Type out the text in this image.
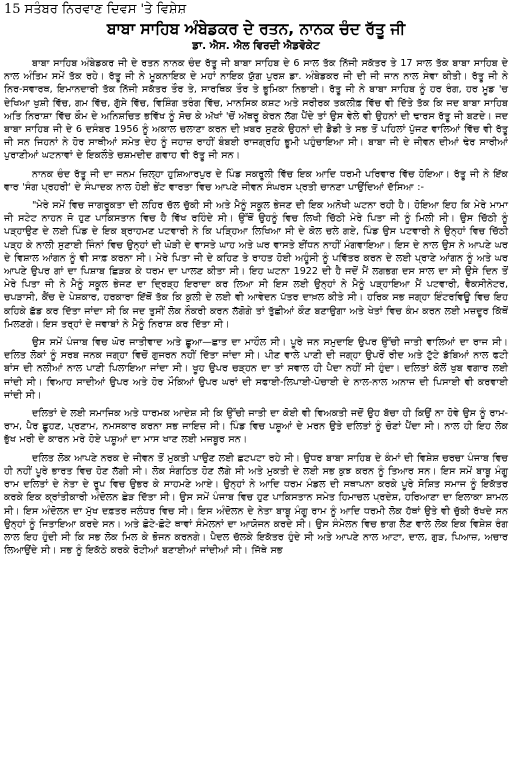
15 ਸਤੰਬਰ ਨਿਰਵਾਣ ਦਿਵਸ 'ਤੇ ਵਿਸ਼ੇਸ਼
ਬਾਬਾ ਸਾਹਿਬ ਅੰਬੇਡਕਰ ਦੇ ਰਤਨ, ਨਾਨਕ ਚੰਦ ਰੱਤੂ ਜੀ
ਡਾ. ਐਸ. ਐਲ ਵਿਰਦੀ ਐਡਵੋਕੇਟ

ਬਾਬਾ ਸਾਹਿਬ ਅੰਬੇਡਕਰ ਜੀ ਦੇ ਰਤਨ ਨਾਨਕ ਚੰਦ ਰੱਤੂ ਜੀ ਬਾਬਾ ਸਾਹਿਬ ਦੇ 6 ਸਾਲ ਤੱਕ ਨਿੱਜੀ ਸਕੱਤਰ ਤੇ 17 ਸਾਲ ਤੱਕ ਬਾਬਾ ਸਾਹਿਬ ਦੇ ਨਾਲ ਅੰਤਿਮ ਸਮੇਂ ਤੱਕ ਰਹੇ। ਰੱਤੂ ਜੀ ਨੇ ਮੂਕਨਾਇਕ ਦੇ ਮਹਾਂ ਨਾਇਕ ਯੁੱਗ ਪੁਰਸ਼ ਡਾ. ਅੰਬੇਡਕਰ ਜੀ ਦੀ ਜੀ ਜਾਨ ਨਾਲ ਸੇਵਾ ਕੀਤੀ। ਰੱਤੂ ਜੀ ਨੇ ਨਿਰ-ਸਵਾਰਥ, ਇਮਾਨਦਾਰੀ ਤੱਕ ਨਿੱਜੀ ਸਕੱਤਰ ਤੌਰ ਤੇ, ਸਾਰਥਿਕ ਤੌਰ ਤੇ ਭੂਮਿਕਾ ਨਿਭਾਈ। ਰੱਤੂ ਜੀ ਨੇ ਬਾਬਾ ਸਾਹਿਬ ਨੂੰ ਹਰ ਰੰਗ, ਹਰ ਮੂਡ 'ਚ ਦੇਖਿਆ ਖੁਸ਼ੀ ਵਿੱਚ, ਗਮ ਵਿੱਚ, ਗੁੱਸੇ ਵਿੱਚ, ਵਿਸ਼ਿੰਗ ਤਰੰਗ ਵਿੱਚ, ਮਾਨਸਿਕ ਕਸ਼ਟ ਅਤੇ ਸਰੀਰਕ ਤਕਲੀਫ਼ ਵਿੱਚ ਵੀ ਦਿੱਤੇ ਤੱਕ ਕਿ ਜਦ ਬਾਬਾ ਸਾਹਿਬ ਅਤਿ ਨਿਰਾਸ਼ਾ ਵਿੱਚ ਕੌਮ ਦੇ ਅਨਿਸ਼ਚਿਤ ਭਵਿੱਖ ਨੂੰ ਸੋਚ ਕੇ ਅੱਖਾਂ 'ਚੋਂ ਅੱਥਰੂ ਕੇਰਨ ਲੱਗ ਪੈਂਦੇ ਤਾਂ ਉਸ ਵੇਲੇ ਵੀ ਉਹਨਾਂ ਦੀ ਢਾਰਸ ਰੱਤੂ ਜੀ ਬਣਦੇ। ਜਦ ਬਾਬਾ ਸਾਹਿਬ ਜੀ ਦੇ 6 ਦਸੰਬਰ 1956 ਨੂੰ ਅਕਾਲ ਚਲਾਣਾ ਕਰਨ ਦੀ ਖ਼ਬਰ ਸੁਣਕੇ ਉਹਨਾਂ ਦੀ ਡੈਡੀ ਤੇ ਸਭ ਤੋਂ ਪਹਿਲਾਂ ਪੁੱਜਣ ਵਾਲਿਆਂ ਵਿੱਚ ਵੀ ਰੱਤੂ ਜੀ ਸਨ ਜਿਹਨਾਂ ਨੇ ਹੋਰ ਸਾਥੀਆਂ ਸਮੇਤ ਦੇਹ ਨੂੰ ਜਹਾਜ਼ ਰਾਹੀਂ ਬੰਬਈ ਰਾਜਗ੍ਰਹਿ ਭੂਮੀ ਪਹੁੰਚਾਇਆ ਸੀ। ਬਾਬਾ ਜੀ ਦੇ ਜੀਵਨ ਦੀਆਂ ਢੇਰ ਸਾਰੀਆਂ ਪੁਰਾਣੀਆਂ ਘਟਨਾਵਾਂ ਦੇ ਇਕਲੌਤੇ ਚਸ਼ਮਦੀਦ ਗਵਾਹ ਵੀ ਰੱਤੂ ਜੀ ਸਨ।

ਨਾਨਕ ਚੰਦ ਰੱਤੂ ਜੀ ਦਾ ਜਨਮ ਜ਼ਿਲ੍ਹਾ ਹੁਸ਼ਿਆਰਪੁਰ ਦੇ ਪਿੰਡ ਸਕਰੂਲੀ ਵਿੱਚ ਇਕ ਆਦਿ ਧਰਮੀ ਪਰਿਵਾਰ ਵਿੱਚ ਹੋਇਆ। ਰੱਤੂ ਜੀ ਨੇ ਇੱਕ ਵਾਰ 'ਸੰਗ ਪ੍ਰਹਰੀ' ਦੇ ਸੰਪਾਦਕ ਨਾਲ ਹੋਈ ਭੇਂਟ ਵਾਰਤਾ ਵਿਚ ਆਪਣੇ ਜੀਵਨ ਸੰਘਰਸ ਪ੍ਰਤੀ ਚਾਨਣਾ ਪਾਉਂਦਿਆਂ ਦੱਸਿਆ :-

"ਮੇਰੇ ਸਮੇਂ ਵਿਚ ਜਾਗਰੂਕਤਾ ਦੀ ਲਹਿਰ ਚੱਲ ਚੁੱਕੀ ਸੀ ਅਤੇ ਮੈਨੂੰ ਸਕੂਲ ਭੇਜਣ ਦੀ ਇਕ ਅਨੋਖੀ ਘਟਨਾ ਰਹੀ ਹੈ। ਹੋਇਆ ਇਹ ਕਿ ਮੇਰੇ ਮਾਮਾ ਜੀ ਸਟੇਟ ਨਾਹਨ ਜੋ ਹੁਣ ਪਾਕਿਸਤਾਨ ਵਿਚ ਹੈ ਵਿੱਖ ਰਹਿੰਦੇ ਸੀ। ਉੱਥੋਂ ਉਹਨੂੰ ਵਿਚ ਲਿਖੀ ਚਿੱਠੀ ਮੇਰੇ ਪਿਤਾ ਜੀ ਨੂੰ ਮਿਲੀ ਸੀ। ਉਸ ਚਿੱਠੀ ਨੂੰ ਪੜ੍ਹਾਉਣ ਦੇ ਲਈ ਪਿੰਡ ਦੇ ਇਕ ਬ੍ਰਾਹਮਣ ਪਟਵਾਰੀ ਨੇ ਕਿ ਪੜ੍ਹਿਆ ਲਿਖਿਆ ਸੀ ਦੇ ਕੋਲ ਚਲੇ ਗਏ, ਪਿੰਡ ਉਸ ਪਟਵਾਰੀ ਨੇ ਉਨ੍ਹਾਂ ਵਿਚ ਚਿੱਠੀ ਪੜ੍ਹ ਕੇ ਨਾਲੀ ਸੁਣਾਈ ਜਿੰਨਾਂ ਵਿਚ ਉਨ੍ਹਾਂ ਦੀ ਘੋੜੀ ਦੇ ਵਾਸਤੇ ਘਾਹ ਅਤੇ ਘਰ ਵਾਸਤੇ ਈਂਧਨ ਨਾਹੀਂ ਮੰਗਵਾਇਆ। ਇਸ ਦੇ ਨਾਲ ਉਸ ਨੇ ਆਪਣੇ ਘਰ ਦੇ ਵਿਸ਼ਾਲ ਆਂਗਨ ਨੂੰ ਵੀ ਸਾਫ਼ ਕਰਨਾ ਸੀ। ਮੇਰੇ ਪਿਤਾ ਜੀ ਦੇ ਕਹਿਣ ਤੇ ਰਾਹਤ ਹੋਈ ਅਹੂੰਸੀ ਨੂੰ ਪਵਿੱਤਰ ਕਰਨ ਦੇ ਲਈ ਪ੍ਰਾਣੇ ਆਂਗਨ ਨੂੰ ਅਤੇ ਘਰ ਆਪਣੇ ਉਪਰ ਗਾਂ ਦਾ ਪਿਸ਼ਾਬ ਛਿੜਕ ਕੇ ਧਰਮ ਦਾ ਪਾਲਣ ਕੀਤਾ ਸੀ। ਇਹ ਘਟਨਾ 1922 ਦੀ ਹੈ ਜਦੋਂ ਮੈਂ ਲਗਭਗ ਦਸ ਸਾਲ ਦਾ ਸੀ ਉਸੇ ਦਿਨ ਤੋਂ ਮੇਰੇ ਪਿਤਾ ਜੀ ਨੇ ਮੈਨੂੰ ਸਕੂਲ ਭੇਜਣ ਦਾ ਦ੍ਰਿੜ੍ਹ ਇਰਾਦਾ ਕਰ ਲਿਆ ਸੀ ਇਸ ਲਈ ਉਨ੍ਹਾਂ ਨੇ ਮੈਨੂੰ ਪੜ੍ਹਾਇਆ ਮੈਂ ਪਟਵਾਰੀ, ਵੈਕਸੀਨੇਟਰ, ਚਪੜਾਸੀ, ਕੈਂਚ ਦੇ ਪੇਸ਼ਕਾਰ, ਹਰਕਾਰਾ ਇੱਥੋਂ ਤੱਕ ਕਿ ਕੁਲੀ ਦੇ ਲਈ ਵੀ ਆਵੇਦਨ ਪੱਤਰ ਦਾਖ਼ਲ ਕੀਤੇ ਸੀ। ਹਰਿਕ ਸਭ ਜਗ੍ਹਾ ਇੰਟਰਵਿਊ ਵਿਚ ਇਹ ਕਹਿਕੇ ਛੱਡ ਕਰ ਦਿੱਤਾ ਜਾਂਦਾ ਸੀ ਕਿ ਜਦ ਤੁਸੀਂ ਲੋਕ ਨੌਕਰੀ ਕਰਨ ਲੱਗੋਗੇ ਤਾਂ ਤੁੱਛੀਆਂ ਕੌਣ ਬਣਾਉਗਾ ਅਤੇ ਖੇਤਾਂ ਵਿਚ ਕੰਮ ਕਰਨ ਲਈ ਮਜ਼ਦੂਰ ਕਿੱਥੋਂ ਮਿਲਣਗੇ। ਇਸ ਤਰ੍ਹਾਂ ਦੇ ਜਵਾਬਾਂ ਨੇ ਮੈਨੂੰ ਨਿਰਾਸ਼ ਕਰ ਦਿੱਤਾ ਸੀ।

ਉਸ ਸਮੇਂ ਪੰਜਾਬ ਵਿਚ ਘੋਰ ਜਾਤੀਵਾਦ ਅਤੇ ਛੂਆ—ਛਾਤ ਦਾ ਮਾਹੌਲ ਸੀ। ਪੂਰੇ ਜਨ ਸਮੁਦਾਇ ਉਪਰ ਉੱਚੀ ਜਾਤੀ ਵਾਲਿਆਂ ਦਾ ਰਾਜ ਸੀ। ਦਲਿਤ ਲੋਕਾਂ ਨੂੰ ਸਰਬ ਜਨਕ ਜਗ੍ਹਾ ਵਿਚੋਂ ਗੁਜਰਨ ਨਹੀਂ ਦਿੱਤਾ ਜਾਂਦਾ ਸੀ। ਪੀਣ ਵਾਲੇ ਪਾਣੀ ਦੀ ਜਗ੍ਹਾ ਉਪਰੋਂ ਰੀਦ ਅਤੇ ਟੁੱਟੇ ਡੱਬਿਆਂ ਨਾਲ ਫਟੀ ਬਾਂਸ ਦੀ ਨਲੀਆਂ ਨਾਲ ਪਾਣੀ ਪਿਲਾਇਆ ਜਾਂਦਾ ਸੀ। ਖੂਹ ਉਪਰ ਚੜ੍ਹਨ ਦਾ ਤਾਂ ਸਵਾਲ ਹੀ ਪੈਦਾ ਨਹੀਂ ਸੀ ਹੁੰਦਾ। ਦਲਿਤਾਂ ਕੋਲੋਂ ਖੁਬ ਵਗਾਰ ਲਈ ਜਾਂਦੀ ਸੀ। ਵਿਆਹ ਸਾਦੀਆਂ ਉਪਰ ਅਤੇ ਹੋਰ ਮੌਕਿਆਂ ਉਪਰ ਘਰਾਂ ਦੀ ਸਫਾਈ-ਲਿਪਾਈ-ਪੋਚਾਈ ਦੇ ਨਾਲ-ਨਾਲ ਅਨਾਜ ਦੀ ਪਿਸਾਈ ਵੀ ਕਰਵਾਈ ਜਾਂਦੀ ਸੀ।

ਦਲਿਤਾਂ ਦੇ ਲਈ ਸਮਾਜਿਕ ਅਤੇ ਧਾਰਮਕ ਆਦੇਸ਼ ਸੀ ਕਿ ਉੱਚੀ ਜਾਤੀ ਦਾ ਕੋਈ ਵੀ ਵਿਅਕਤੀ ਜਦੋਂ ਉਹ ਬੱਚਾ ਹੀ ਕਿਉਂ ਨਾ ਹੋਵੇ ਉਸ ਨੂੰ ਰਾਮ-ਰਾਮ, ਪੈਰ ਛੂਹਣ, ਪ੍ਰਣਾਮ, ਨਮਸਕਾਰ ਕਰਨਾ ਸਭ ਜਾਇਜ਼ ਸੀ। ਪਿੰਡ ਵਿਚ ਪਸ਼ੂਆਂ ਦੇ ਮਰਨ ਉਤੇ ਦਲਿਤਾਂ ਨੂੰ ਚੋਣਾਂ ਪੈਂਦਾ ਸੀ। ਨਾਲ ਹੀ ਇਹ ਲੋਕ ਭੁੱਖ ਮਰੀ ਦੇ ਕਾਰਨ ਮਰੇ ਹੋਏ ਪਸ਼ੂਆਂ ਦਾ ਮਾਸ ਖਾਣ ਲਈ ਮਜਬੂਰ ਸਨ।

ਦਲਿਤ ਲੋਕ ਆਪਣੇ ਨਰਕ ਦੇ ਜੀਵਨ ਤੋਂ ਮੁਕਤੀ ਪਾਉਣ ਲਈ ਛਟਪਟਾ ਰਹੇ ਸੀ। ਉਧਰ ਬਾਬਾ ਸਾਹਿਬ ਦੇ ਕੰਮਾਂ ਦੀ ਵਿਸ਼ੇਸ਼ ਚਰਚਾ ਪੰਜਾਬ ਵਿਚ ਹੀ ਨਹੀਂ ਪੂਰੇ ਭਾਰਤ ਵਿਚ ਹੋਣ ਲੱਗੀ ਸੀ। ਲੋਕ ਸੰਗਠਿਤ ਹੋਣ ਲੱਗੇ ਸੀ ਅਤੇ ਮੁਕਤੀ ਦੇ ਲਈ ਸਭ ਕੁਝ ਕਰਨ ਨੂੰ ਤਿਆਰ ਸਨ। ਇਸ ਸਮੇਂ ਬਾਬੂ ਮੰਗੂ ਰਾਮ ਦਲਿਤਾਂ ਦੇ ਨੇਤਾ ਦੇ ਰੂਪ ਵਿਚ ਉਭਰ ਕੇ ਸਾਹਮਣੇ ਆਏ। ਉਨ੍ਹਾਂ ਨੇ ਆਦਿ ਧਰਮ ਮੰਡਲ ਦੀ ਸਥਾਪਨਾ ਕਰਕੇ ਪੂਰੇ ਸੋਸ਼ਿਤ ਸਮਾਜ ਨੂੰ ਇਕੱਤਰ ਕਰਕੇ ਇਕ ਕ੍ਰਾਂਤੀਕਾਰੀ ਅੰਦੋਲਨ ਛੇੜ ਦਿੱਤਾ ਸੀ। ਉਸ ਸਮੇਂ ਪੰਜਾਬ ਵਿਚ ਹੁਣ ਪਾਕਿਸਤਾਨ ਸਮੇਤ ਹਿਮਾਚਲ ਪ੍ਰਦੇਸ਼, ਹਰਿਆਣਾ ਦਾ ਇਲਾਕਾ ਸ਼ਾਮਲ ਸੀ। ਇਸ ਅੰਦੋਲਨ ਦਾ ਮੁੱਖ ਦਫ਼ਤਰ ਜਲੰਧਰ ਵਿਚ ਸੀ। ਇਸ ਅੰਦੋਲਨ ਦੇ ਨੇਤਾ ਬਾਬੂ ਮੰਗੂ ਰਾਮ ਨੂੰ ਆਦਿ ਧਰਮੀ ਲੋਕ ਹੱਥਾਂ ਉਤੇ ਵੀ ਚੁੱਕੀ ਰੱਖਦੇ ਸਨ ਉਨ੍ਹਾਂ ਨੂੰ ਜਿਤਾਇਆ ਕਰਦੇ ਸਨ। ਅਤੇ ਛੋਟੇ-ਛੋਟੇ ਥਾਵਾਂ ਸੰਮੇਲਨਾਂ ਦਾ ਆਯੋਜਨ ਕਰਦੇ ਸੀ। ਉਸ ਸੰਮੇਲਨ ਵਿਚ ਭਾਗ ਲੈਣ ਵਾਲੇ ਲੋਕ ਇਕ ਵਿਸ਼ੇਸ਼ ਰੰਗ ਲਾਲ ਇਹ ਹੁੰਦੀ ਸੀ ਕਿ ਸਭ ਲੋਕ ਮਿਲ ਕੇ ਭੋਜਨ ਕਰਨਗੇ। ਪੈਦਲ ਚੱਲਕੇ ਇਕੱਤਰ ਹੁੰਦੇ ਸੀ ਅਤੇ ਆਪਣੇ ਨਾਲ ਆਟਾ, ਦਾਲ, ਗੁੜ, ਪਿਆਜ਼, ਅਚਾਰ ਲਿਆਉਂਦੇ ਸੀ। ਸਭ ਨੂੰ ਇਕੱਠੇ ਕਰਕੇ ਰੋਟੀਆਂ ਬਣਾਈਆਂ ਜਾਂਦੀਆਂ ਸੀ। ਜਿੱਥੇ ਸਭ
